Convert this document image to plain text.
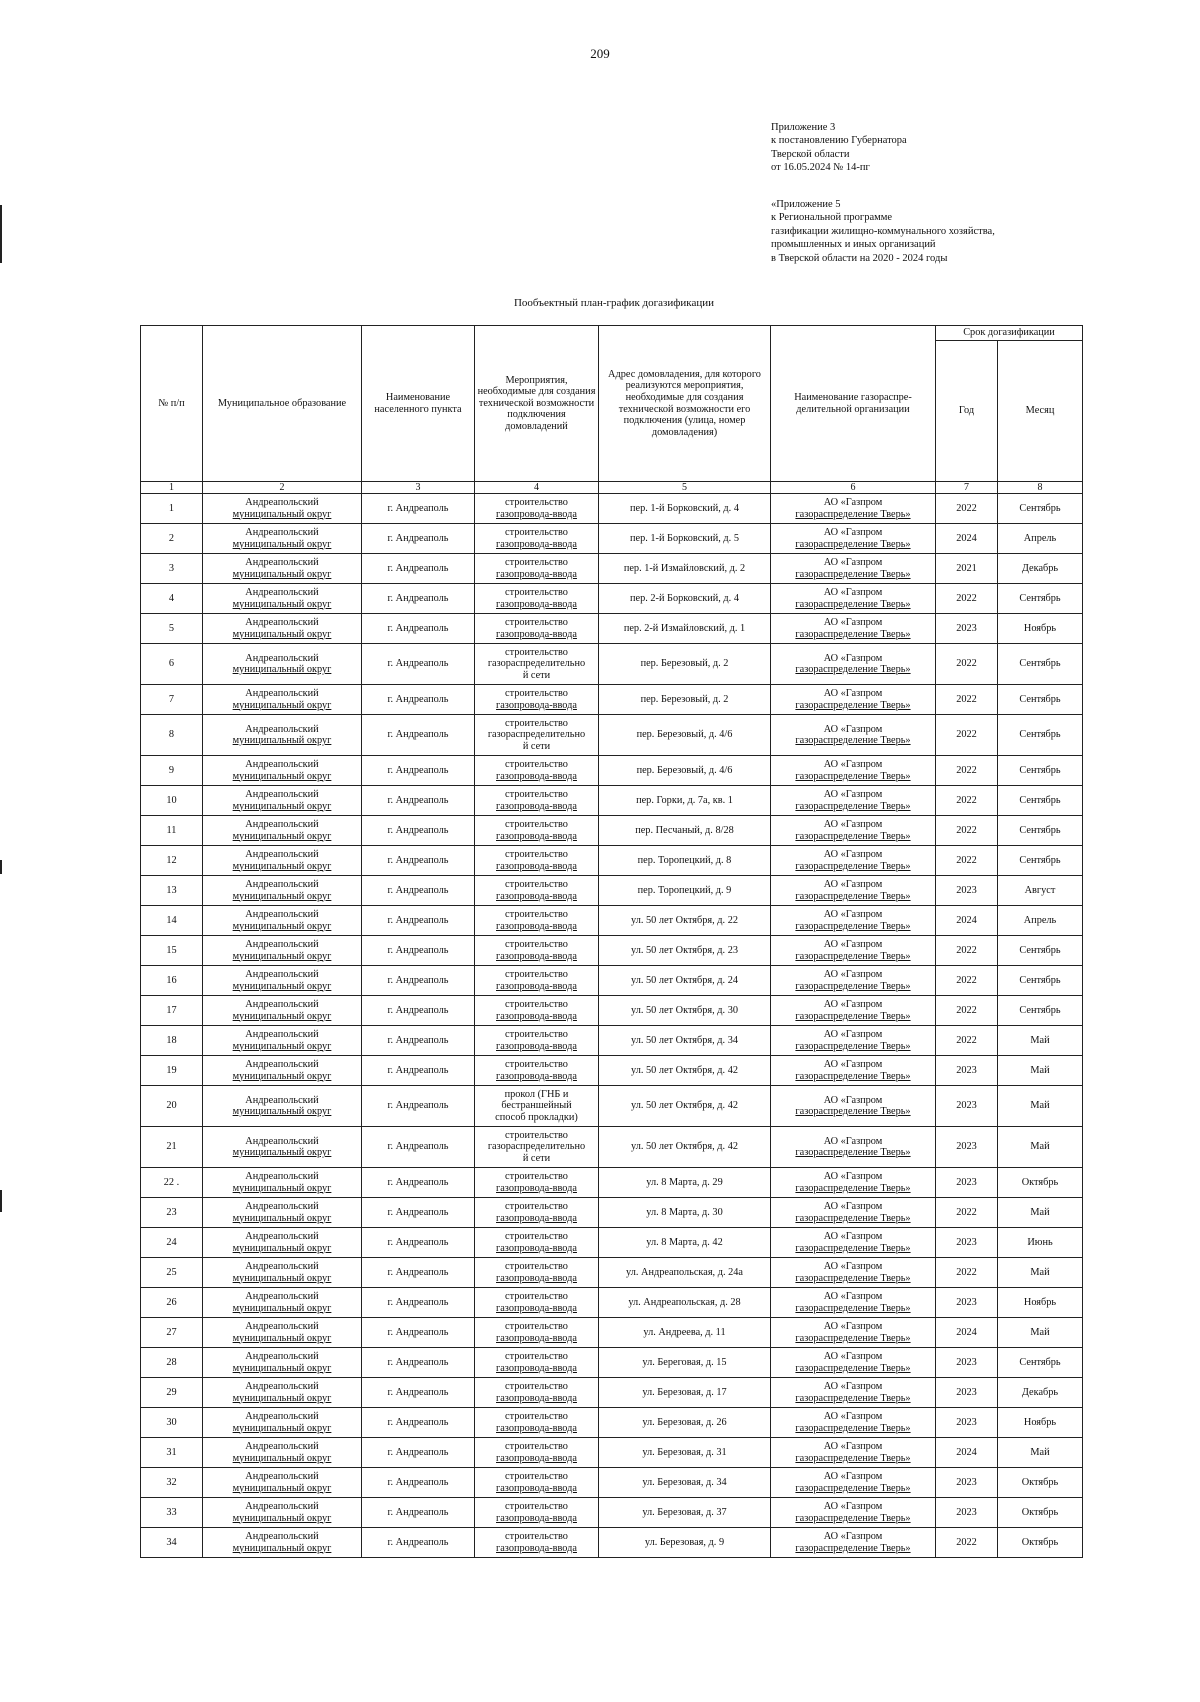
209
Приложение 3
к постановлению Губернатора
Тверской области
от 16.05.2024 № 14-пг
«Приложение 5
к Региональной программе
газификации жилищно-коммунального хозяйства,
промышленных и иных организаций
в Тверской области на 2020 - 2024 годы
Пообъектный план-график догазификации
№ п/п	Муниципальное образование	Наименование населенного пункта	Мероприятия, необходимые для создания технической возможности подключения домовладений	Адрес домовладения, для которого реализуются мероприятия, необходимые для создания технической возможности его подключения (улица, номер домовладения)	Наименование газораспре-делительной организации	Срок догазификации	
						Год	Месяц
1	2	3	4	5	6	7	8
1	Андреапольский
муниципальный округ	г. Андреаполь	строительство
газопровода-ввода	пер. 1-й Борковский, д. 4	АО «Газпром
газораспределение Тверь»	2022	Сентябрь
2	Андреапольский
муниципальный округ	г. Андреаполь	строительство
газопровода-ввода	пер. 1-й Борковский, д. 5	АО «Газпром
газораспределение Тверь»	2024	Апрель
3	Андреапольский
муниципальный округ	г. Андреаполь	строительство
газопровода-ввода	пер. 1-й Измайловский, д. 2	АО «Газпром
газораспределение Тверь»	2021	Декабрь
4	Андреапольский
муниципальный округ	г. Андреаполь	строительство
газопровода-ввода	пер. 2-й Борковский, д. 4	АО «Газпром
газораспределение Тверь»	2022	Сентябрь
5	Андреапольский
муниципальный округ	г. Андреаполь	строительство
газопровода-ввода	пер. 2-й Измайловский, д. 1	АО «Газпром
газораспределение Тверь»	2023	Ноябрь
6	Андреапольский
муниципальный округ	г. Андреаполь	строительство
газораспределительно
й сети	пер. Березовый, д. 2	АО «Газпром
газораспределение Тверь»	2022	Сентябрь
7	Андреапольский
муниципальный округ	г. Андреаполь	строительство
газопровода-ввода	пер. Березовый, д. 2	АО «Газпром
газораспределение Тверь»	2022	Сентябрь
8	Андреапольский
муниципальный округ	г. Андреаполь	строительство
газораспределительно
й сети	пер. Березовый, д. 4/6	АО «Газпром
газораспределение Тверь»	2022	Сентябрь
9	Андреапольский
муниципальный округ	г. Андреаполь	строительство
газопровода-ввода	пер. Березовый, д. 4/6	АО «Газпром
газораспределение Тверь»	2022	Сентябрь
10	Андреапольский
муниципальный округ	г. Андреаполь	строительство
газопровода-ввода	пер. Горки, д. 7а, кв. 1	АО «Газпром
газораспределение Тверь»	2022	Сентябрь
11	Андреапольский
муниципальный округ	г. Андреаполь	строительство
газопровода-ввода	пер. Песчаный, д. 8/28	АО «Газпром
газораспределение Тверь»	2022	Сентябрь
12	Андреапольский
муниципальный округ	г. Андреаполь	строительство
газопровода-ввода	пер. Торопецкий, д. 8	АО «Газпром
газораспределение Тверь»	2022	Сентябрь
13	Андреапольский
муниципальный округ	г. Андреаполь	строительство
газопровода-ввода	пер. Торопецкий, д. 9	АО «Газпром
газораспределение Тверь»	2023	Август
14	Андреапольский
муниципальный округ	г. Андреаполь	строительство
газопровода-ввода	ул. 50 лет Октября, д. 22	АО «Газпром
газораспределение Тверь»	2024	Апрель
15	Андреапольский
муниципальный округ	г. Андреаполь	строительство
газопровода-ввода	ул. 50 лет Октября, д. 23	АО «Газпром
газораспределение Тверь»	2022	Сентябрь
16	Андреапольский
муниципальный округ	г. Андреаполь	строительство
газопровода-ввода	ул. 50 лет Октября, д. 24	АО «Газпром
газораспределение Тверь»	2022	Сентябрь
17	Андреапольский
муниципальный округ	г. Андреаполь	строительство
газопровода-ввода	ул. 50 лет Октября, д. 30	АО «Газпром
газораспределение Тверь»	2022	Сентябрь
18	Андреапольский
муниципальный округ	г. Андреаполь	строительство
газопровода-ввода	ул. 50 лет Октября, д. 34	АО «Газпром
газораспределение Тверь»	2022	Май
19	Андреапольский
муниципальный округ	г. Андреаполь	строительство
газопровода-ввода	ул. 50 лет Октября, д. 42	АО «Газпром
газораспределение Тверь»	2023	Май
20	Андреапольский
муниципальный округ	г. Андреаполь	прокол (ГНБ и
бестраншейный
способ прокладки)	ул. 50 лет Октября, д. 42	АО «Газпром
газораспределение Тверь»	2023	Май
21	Андреапольский
муниципальный округ	г. Андреаполь	строительство
газораспределительно
й сети	ул. 50 лет Октября, д. 42	АО «Газпром
газораспределение Тверь»	2023	Май
22 .	Андреапольский
муниципальный округ	г. Андреаполь	строительство
газопровода-ввода	ул. 8 Марта, д. 29	АО «Газпром
газораспределение Тверь»	2023	Октябрь
23	Андреапольский
муниципальный округ	г. Андреаполь	строительство
газопровода-ввода	ул. 8 Марта, д. 30	АО «Газпром
газораспределение Тверь»	2022	Май
24	Андреапольский
муниципальный округ	г. Андреаполь	строительство
газопровода-ввода	ул. 8 Марта, д. 42	АО «Газпром
газораспределение Тверь»	2023	Июнь
25	Андреапольский
муниципальный округ	г. Андреаполь	строительство
газопровода-ввода	ул. Андреапольская, д. 24а	АО «Газпром
газораспределение Тверь»	2022	Май
26	Андреапольский
муниципальный округ	г. Андреаполь	строительство
газопровода-ввода	ул. Андреапольская, д. 28	АО «Газпром
газораспределение Тверь»	2023	Ноябрь
27	Андреапольский
муниципальный округ	г. Андреаполь	строительство
газопровода-ввода	ул. Андреева, д. 11	АО «Газпром
газораспределение Тверь»	2024	Май
28	Андреапольский
муниципальный округ	г. Андреаполь	строительство
газопровода-ввода	ул. Береговая, д. 15	АО «Газпром
газораспределение Тверь»	2023	Сентябрь
29	Андреапольский
муниципальный округ	г. Андреаполь	строительство
газопровода-ввода	ул. Березовая, д. 17	АО «Газпром
газораспределение Тверь»	2023	Декабрь
30	Андреапольский
муниципальный округ	г. Андреаполь	строительство
газопровода-ввода	ул. Березовая, д. 26	АО «Газпром
газораспределение Тверь»	2023	Ноябрь
31	Андреапольский
муниципальный округ	г. Андреаполь	строительство
газопровода-ввода	ул. Березовая, д. 31	АО «Газпром
газораспределение Тверь»	2024	Май
32	Андреапольский
муниципальный округ	г. Андреаполь	строительство
газопровода-ввода	ул. Березовая, д. 34	АО «Газпром
газораспределение Тверь»	2023	Октябрь
33	Андреапольский
муниципальный округ	г. Андреаполь	строительство
газопровода-ввода	ул. Березовая, д. 37	АО «Газпром
газораспределение Тверь»	2023	Октябрь
34	Андреапольский
муниципальный округ	г. Андреаполь	строительство
газопровода-ввода	ул. Березовая, д. 9	АО «Газпром
газораспределение Тверь»	2022	Октябрь
